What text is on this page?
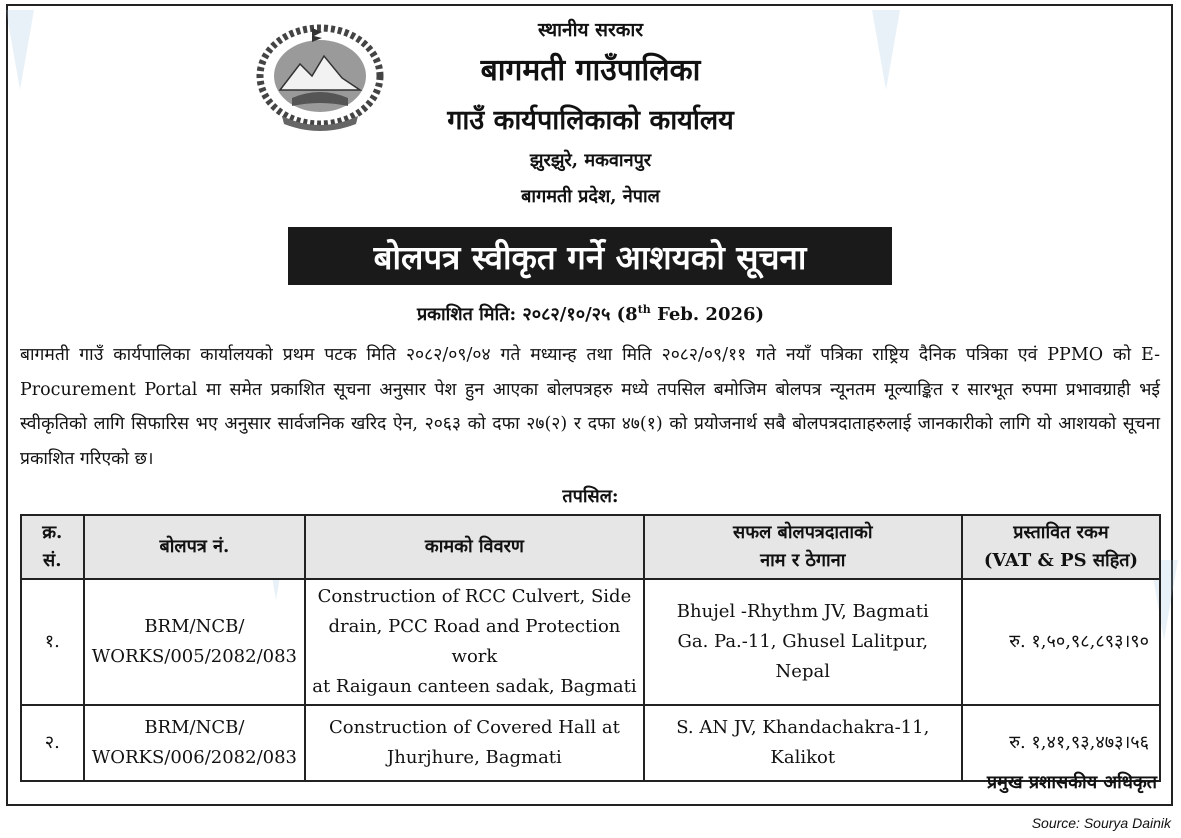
स्थानीय सरकार
बागमती गाउँपालिका
गाउँ कार्यपालिकाको कार्यालय
झुरझुरे, मकवानपुर
बागमती प्रदेश, नेपाल
बोलपत्र स्वीकृत गर्ने आशयको सूचना
प्रकाशित मिति: २०८२/१०/२५ (8th Feb. 2026)
बागमती गाउँ कार्यपालिका कार्यालयको प्रथम पटक मिति २०८२/०९/०४ गते मध्यान्ह तथा मिति २०८२/०९/११ गते नयाँ पत्रिका राष्ट्रिय दैनिक पत्रिका एवं PPMO को E-Procurement Portal मा समेत प्रकाशित सूचना अनुसार पेश हुन आएका बोलपत्रहरु मध्ये तपसिल बमोजिम बोलपत्र न्यूनतम मूल्याङ्कित र सारभूत रुपमा प्रभावग्राही भई स्वीकृतिको लागि सिफारिस भए अनुसार सार्वजनिक खरिद ऐन, २०६३ को दफा २७(२) र दफा ४७(१) को प्रयोजनार्थ सबै बोलपत्रदाताहरुलाई जानकारीको लागि यो आशयको सूचना प्रकाशित गरिएको छ।
तपसिल:
क्र.
सं.	बोलपत्र नं.	कामको विवरण	सफल बोलपत्रदाताको
नाम र ठेगाना	प्रस्तावित रकम
(VAT & PS सहित)
१.	BRM/NCB/
WORKS/005/2082/083	Construction of RCC Culvert, Side
drain, PCC Road and Protection work
at Raigaun canteen sadak, Bagmati	Bhujel -Rhythm JV, Bagmati
Ga. Pa.-11, Ghusel Lalitpur, Nepal	रु. १,५०,९८,८९३।९०
२.	BRM/NCB/
WORKS/006/2082/083	Construction of Covered Hall at
Jhurjhure, Bagmati	S. AN JV, Khandachakra-11,
Kalikot	रु. १,४१,९३,४७३।५६
प्रमुख प्रशासकीय अधिकृत
Source: Sourya Dainik
